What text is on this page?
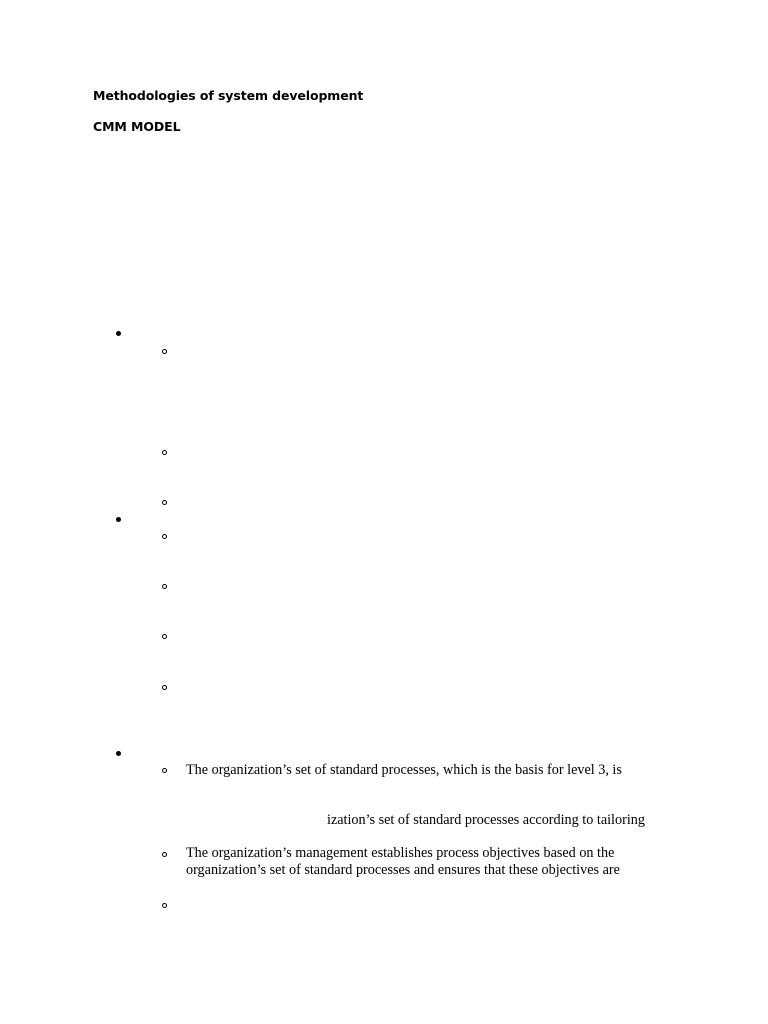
Methodologies of system development
CMM MODEL
The organization’s set of standard processes, which is the basis for level 3, is
ization’s set of standard processes according to tailoring
The organization’s management establishes process objectives based on the
organization’s set of standard processes and ensures that these objectives are
